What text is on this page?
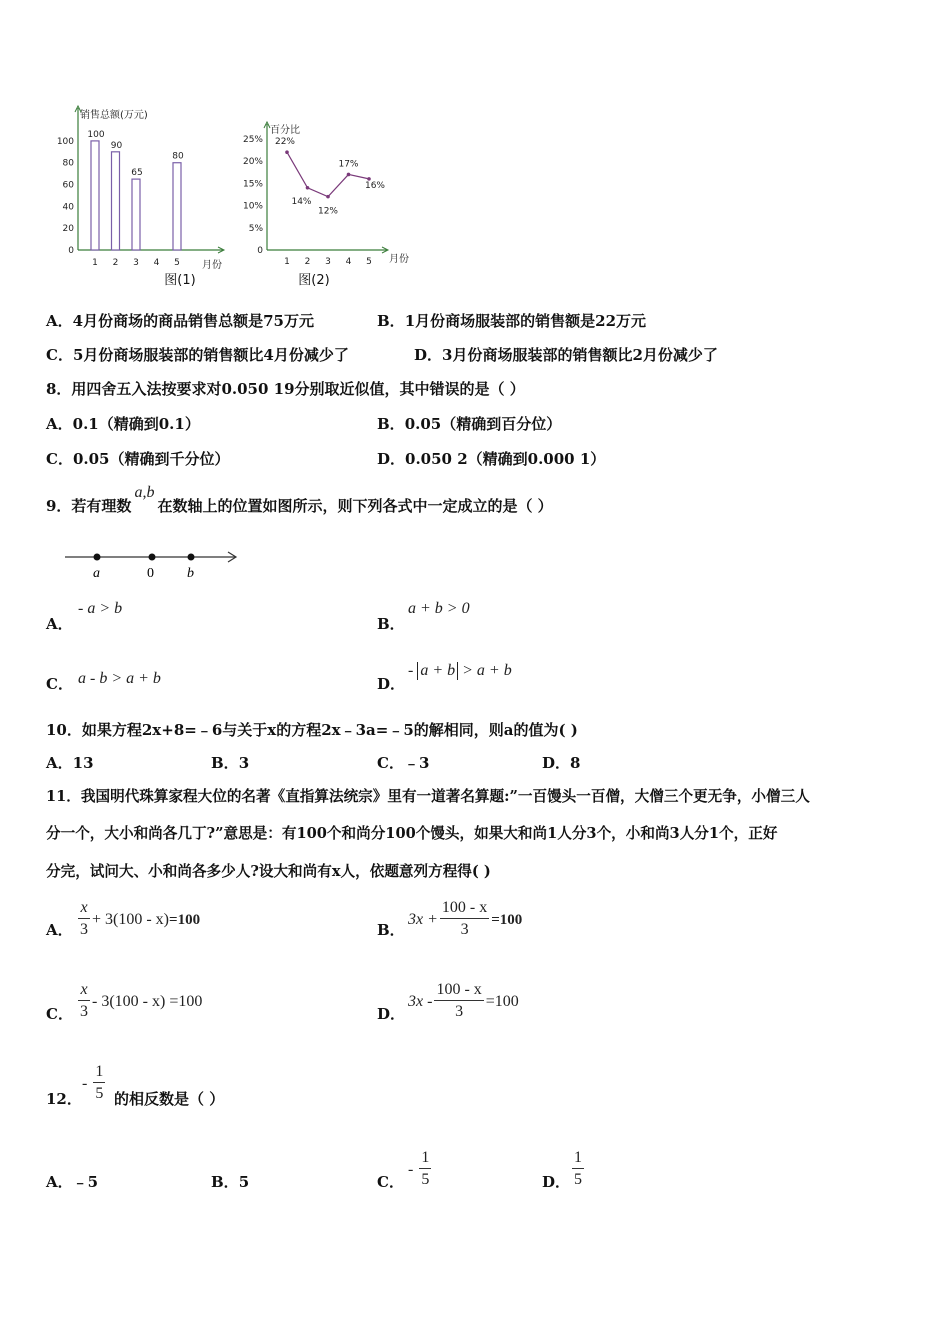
销售总额(万元)
月份
0
20
40
60
80
100
1
100
2
90
3
65
4 5
80
图(1)
百分比
月份
0
5%
10%
15%
20%
25%
1
22%
2
14%
3
12%
4
17%
5
16%
图(2)
A．4月份商场的商品销售总额是75万元	B．1月份商场服装部的销售额是22万元
C．5月份商场服装部的销售额比4月份减少了	D．3月份商场服装部的销售额比2月份减少了
8．用四舍五入法按要求对0.050 19分别取近似值，其中错误的是（ ）
A．0.1（精确到0.1）	B．0.05（精确到百分位）
C．0.05（精确到千分位）	D．0.050 2（精确到0.000 1）
9．若有理数a,b在数轴上的位置如图所示，则下列各式中一定成立的是（ ）
a	0 b
A．
- a > b
B．
a + b > 0
C． a - b > a + b	D．
- a + b > a + b
10．如果方程2x+8=﹣6与关于x的方程2x﹣3a=﹣5的解相同，则a的值为( )
A．13	B．3	C．﹣3	D．8
11．我国明代珠算家程大位的名著《直指算法统宗》里有一道著名算题:”一百馒头一百僧，大僧三个更无争，小僧三人
分一个，大小和尚各几丁?”意思是：有100个和尚分100个馒头，如果大和尚1人分3个，小和尚3人分1个，正好
分完，试问大、小和尚各多少人?设大和尚有x人，依题意列方程得( )
A． $\frac{x}{3} + 3(100 - x) =100$
B．
$3x + \frac{100 - x}{3} =100$
C． $\frac{x}{3} - 3(100 - x) =100$
D．
$3x - \frac{100 - x}{3} =100$
12．
- $\frac{1}{5}$ 的相反数是（ ）
A．﹣5	B．5	C．
- $\frac{1}{5}$	D． $\frac{1}{5}$
